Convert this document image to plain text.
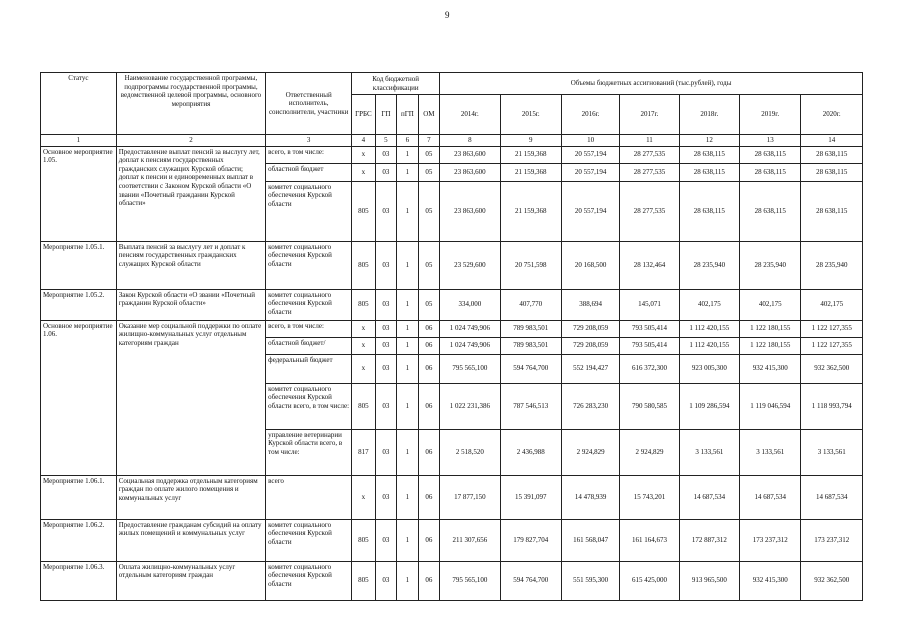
9
Статус	Наименование государственной программы, подпрограммы государственной программы, ведомственной целевой программы, основного мероприятия	Ответственный исполнитель, соисполнители, участники	Код бюджетной классификации				Объемы бюджетных ассигнований (тыс.рублей), годы						
			ГРБС	ГП	пГП	ОМ	2014г.	2015г.	2016г.	2017г.	2018г.	2019г.	2020г.
1	2	3	4	5	6	7	8	9	10	11	12	13	14
Основное мероприятие 1.05.	Предоставление выплат пенсий за выслугу лет, доплат к пенсиям государственных гражданских служащих Курской области; доплат к пенсии и единовременных выплат в соответствии с Законом Курской области «О звании «Почетный гражданин Курской области»	всего, в том числе:	х	03	1	05	23 863,600	21 159,368	20 557,194	28 277,535	28 638,115	28 638,115	28 638,115
		областной бюджет	х	03	1	05	23 863,600	21 159,368	20 557,194	28 277,535	28 638,115	28 638,115	28 638,115
		комитет социального обеспечения Курской области	805	03	1	05	23 863,600	21 159,368	20 557,194	28 277,535	28 638,115	28 638,115	28 638,115
Мероприятие 1.05.1.	Выплата пенсий за выслугу лет и доплат к пенсиям государственных гражданских служащих Курской области	комитет социального обеспечения Курской области	805	03	1	05	23 529,600	20 751,598	20 168,500	28 132,464	28 235,940	28 235,940	28 235,940
Мероприятие 1.05.2.	Закон Курской области «О звании «Почетный гражданин Курской области»	комитет социального обеспечения Курской области	805	03	1	05	334,000	407,770	388,694	145,071	402,175	402,175	402,175
Основное мероприятие 1.06.	Оказание мер социальной поддержки по оплате жилищно-коммунальных услуг отдельным категориям граждан	всего, в том числе:	х	03	1	06	1 024 749,906	789 983,501	729 208,059	793 505,414	1 112 420,155	1 122 180,155	1 122 127,355
		областной бюджет/	х	03	1	06	1 024 749,906	789 983,501	729 208,059	793 505,414	1 112 420,155	1 122 180,155	1 122 127,355
		федеральный бюджет	х	03	1	06	795 565,100	594 764,700	552 194,427	616 372,300	923 005,300	932 415,300	932 362,500
		комитет социального обеспечения Курской области всего, в том числе:	805	03	1	06	1 022 231,386	787 546,513	726 283,230	790 580,585	1 109 286,594	1 119 046,594	1 118 993,794
		управление ветеринарии Курской области всего, в том числе:	817	03	1	06	2 518,520	2 436,988	2 924,829	2 924,829	3 133,561	3 133,561	3 133,561
Мероприятие 1.06.1.	Социальная поддержка отдельным категориям граждан по оплате жилого помещения и коммунальных услуг	всего	х	03	1	06	17 877,150	15 391,097	14 478,939	15 743,201	14 687,534	14 687,534	14 687,534
Мероприятие 1.06.2.	Предоставление гражданам субсидий на оплату жилых помещений и коммунальных услуг	комитет социального обеспечения Курской области	805	03	1	06	211 307,656	179 827,704	161 568,047	161 164,673	172 887,312	173 237,312	173 237,312
Мероприятие 1.06.3.	Оплата жилищно-коммунальных услуг отдельным категориям граждан	комитет социального обеспечения Курской области	805	03	1	06	795 565,100	594 764,700	551 595,300	615 425,000	913 965,500	932 415,300	932 362,500
